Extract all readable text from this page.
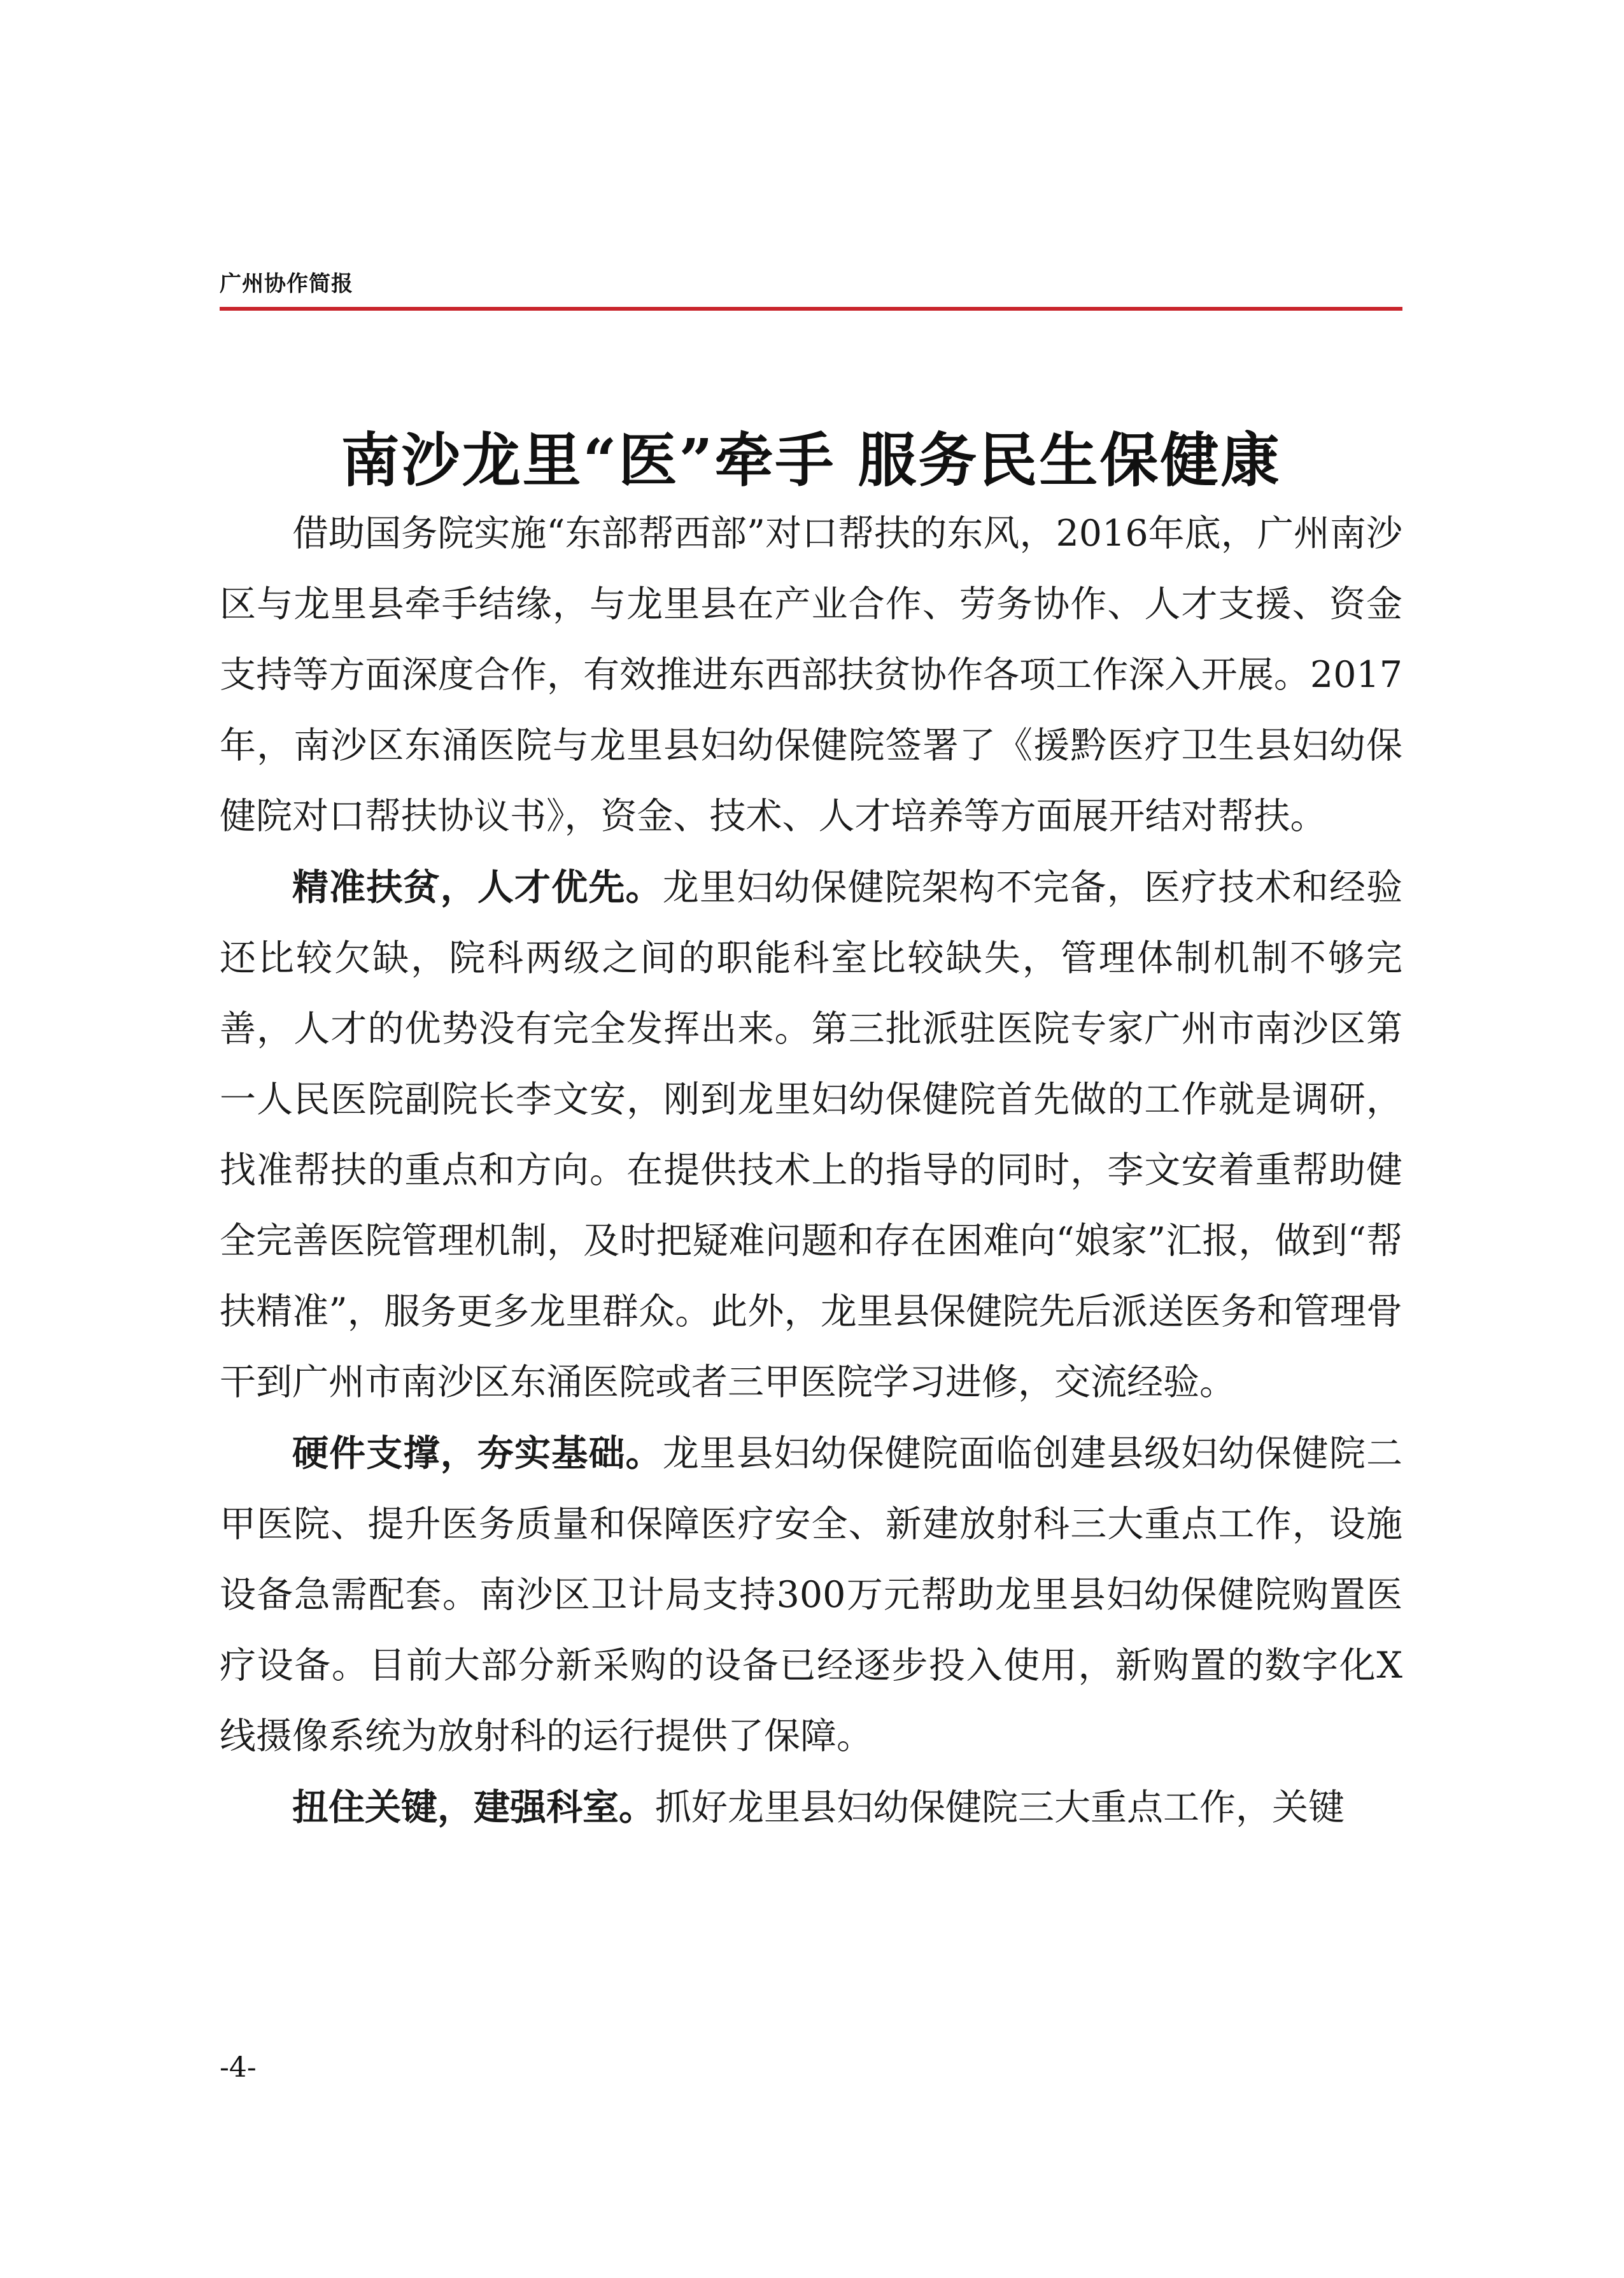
广州协作简报
南沙龙里“医”牵手 服务民生保健康

借助国务院实施“东部帮西部”对口帮扶的东风，2016年底，广州南沙区与龙里县牵手结缘，与龙里县在产业合作、劳务协作、人才支援、资金支持等方面深度合作，有效推进东西部扶贫协作各项工作深入开展。2017年，南沙区东涌医院与龙里县妇幼保健院签署了《援黔医疗卫生县妇幼保健院对口帮扶协议书》，资金、技术、人才培养等方面展开结对帮扶。

精准扶贫，人才优先。龙里妇幼保健院架构不完备，医疗技术和经验还比较欠缺，院科两级之间的职能科室比较缺失，管理体制机制不够完善，人才的优势没有完全发挥出来。第三批派驻医院专家广州市南沙区第一人民医院副院长李文安，刚到龙里妇幼保健院首先做的工作就是调研，找准帮扶的重点和方向。在提供技术上的指导的同时，李文安着重帮助健全完善医院管理机制，及时把疑难问题和存在困难向“娘家”汇报，做到“帮扶精准”，服务更多龙里群众。此外，龙里县保健院先后派送医务和管理骨干到广州市南沙区东涌医院或者三甲医院学习进修，交流经验。

硬件支撑，夯实基础。龙里县妇幼保健院面临创建县级妇幼保健院二甲医院、提升医务质量和保障医疗安全、新建放射科三大重点工作，设施设备急需配套。南沙区卫计局支持300万元帮助龙里县妇幼保健院购置医疗设备。目前大部分新采购的设备已经逐步投入使用，新购置的数字化X线摄像系统为放射科的运行提供了保障。

扭住关键，建强科室。抓好龙里县妇幼保健院三大重点工作，关键

-4-
